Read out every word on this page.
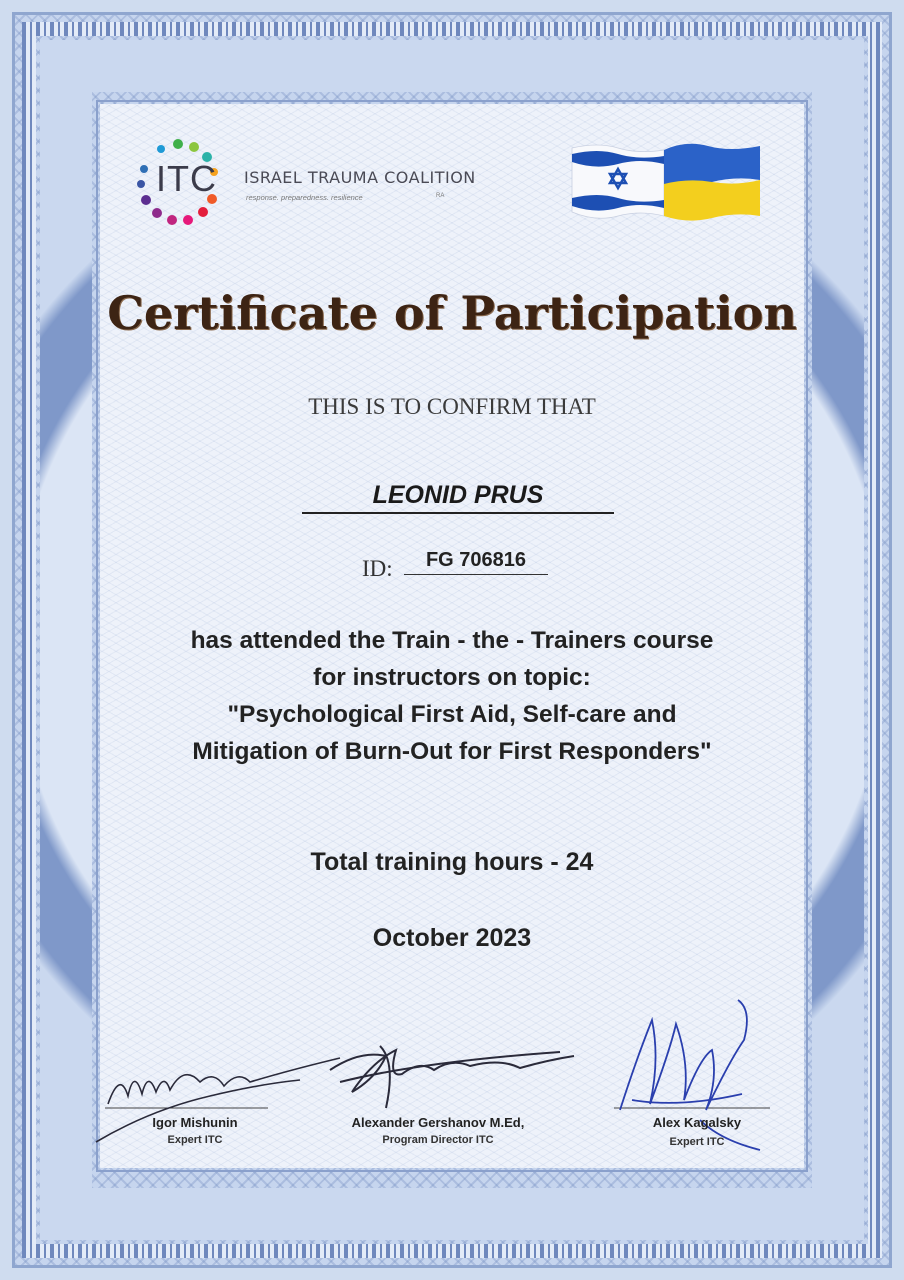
ITC ISRAEL TRAUMA COALITION
response. preparedness. resilience	RA
Certificate of Participation
THIS IS TO CONFIRM THAT
LEONID PRUS
ID:	FG 706816
has attended the Train - the - Trainers course
for instructors on topic:
"Psychological First Aid, Self-care and
Mitigation of Burn-Out for First Responders"
Total training hours - 24
October 2023
Igor Mishunin
Expert ITC
Alexander Gershanov M.Ed,
Program Director ITC
Alex Kagalsky
Expert ITC
